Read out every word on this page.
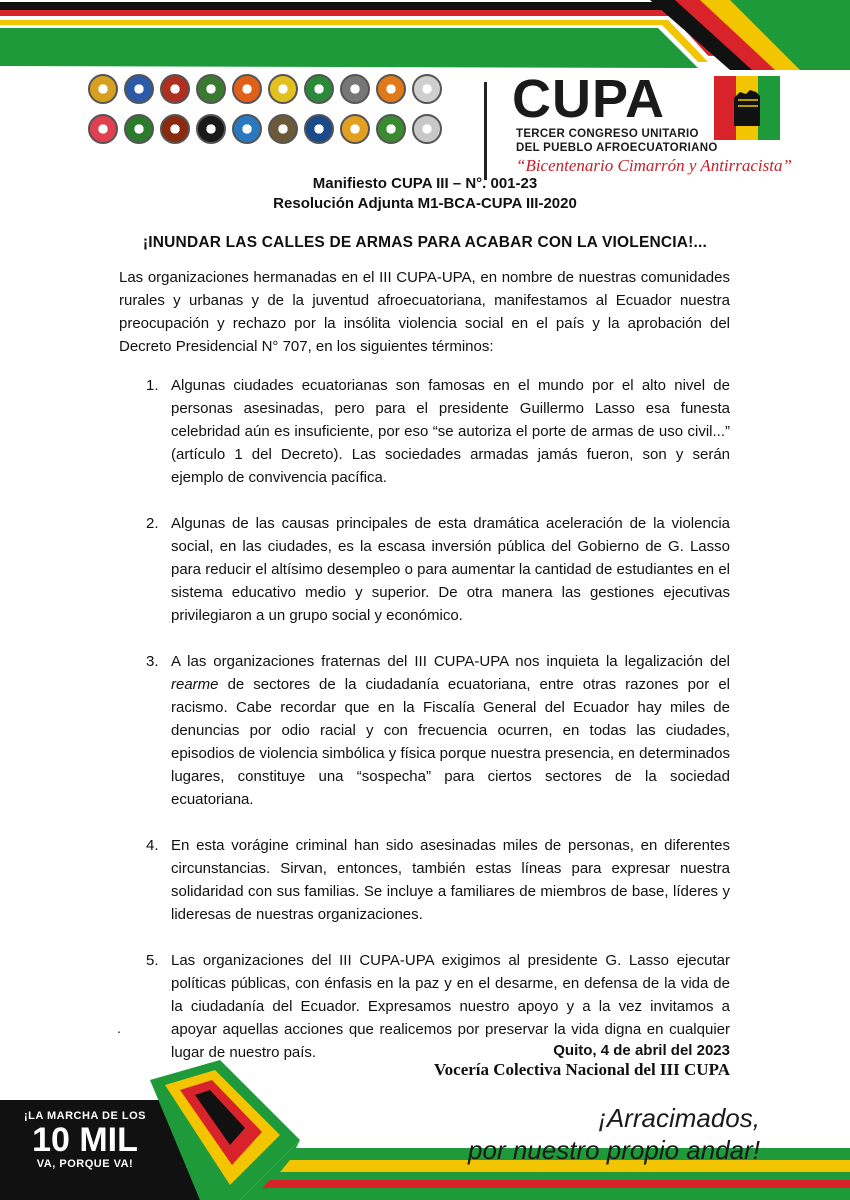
CUPA
TERCER CONGRESO UNITARIO
DEL PUEBLO AFROECUATORIANO
“Bicentenario Cimarrón y Antirracista”
Manifiesto CUPA III – N°. 001-23
Resolución Adjunta M1-BCA-CUPA III-2020
¡INUNDAR LAS CALLES DE ARMAS PARA ACABAR CON LA VIOLENCIA!...
Las organizaciones hermanadas en el III CUPA-UPA, en nombre de nuestras comunidades rurales y urbanas y de la juventud afroecuatoriana, manifestamos al Ecuador nuestra preocupación y rechazo por la insólita violencia social en el país y la aprobación del Decreto Presidencial N° 707, en los siguientes términos:
1. Algunas ciudades ecuatorianas son famosas en el mundo por el alto nivel de personas asesinadas, pero para el presidente Guillermo Lasso esa funesta celebridad aún es insuficiente, por eso “se autoriza el porte de armas de uso civil...” (artículo 1 del Decreto). Las sociedades armadas jamás fueron, son y serán ejemplo de convivencia pacífica.
2. Algunas de las causas principales de esta dramática aceleración de la violencia social, en las ciudades, es la escasa inversión pública del Gobierno de G. Lasso para reducir el altísimo desempleo o para aumentar la cantidad de estudiantes en el sistema educativo medio y superior. De otra manera las gestiones ejecutivas privilegiaron a un grupo social y económico.
3. A las organizaciones fraternas del III CUPA-UPA nos inquieta la legalización del rearme de sectores de la ciudadanía ecuatoriana, entre otras razones por el racismo. Cabe recordar que en la Fiscalía General del Ecuador hay miles de denuncias por odio racial y con frecuencia ocurren, en todas las ciudades, episodios de violencia simbólica y física porque nuestra presencia, en determinados lugares, constituye una “sospecha” para ciertos sectores de la sociedad ecuatoriana.
4. En esta vorágine criminal han sido asesinadas miles de personas, en diferentes circunstancias. Sirvan, entonces, también estas líneas para expresar nuestra solidaridad con sus familias. Se incluye a familiares de miembros de base, líderes y lideresas de nuestras organizaciones.
5. Las organizaciones del III CUPA-UPA exigimos al presidente G. Lasso ejecutar políticas públicas, con énfasis en la paz y en el desarme, en defensa de la vida de la ciudadanía del Ecuador. Expresamos nuestro apoyo y a la vez invitamos a apoyar aquellas acciones que realicemos por preservar la vida digna en cualquier lugar de nuestro país.
.
¡LA MARCHA DE LOS
10 MIL
VA, PORQUE VA!
¡Arracimados,
por nuestro propio andar!
Quito, 4 de abril del 2023
Vocería Colectiva Nacional del III CUPA
